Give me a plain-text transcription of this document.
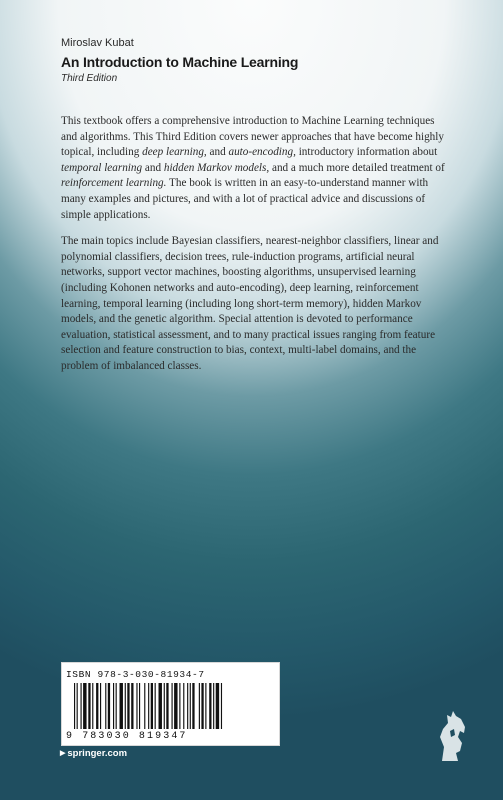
Miroslav Kubat

An Introduction to Machine Learning

Third Edition

This textbook offers a comprehensive introduction to Machine Learning techniques and algorithms. This Third Edition covers newer approaches that have become highly topical, including deep learning, and auto-encoding, introductory information about temporal learning and hidden Markov models, and a much more detailed treatment of reinforcement learning. The book is written in an easy-to-understand manner with many examples and pictures, and with a lot of practical advice and discussions of simple applications.

The main topics include Bayesian classifiers, nearest-neighbor classifiers, linear and polynomial classifiers, decision trees, rule-induction programs, artificial neural networks, support vector machines, boosting algorithms, unsupervised learning (including Kohonen networks and auto-encoding), deep learning, reinforcement learning, temporal learning (including long short-term memory), hidden Markov models, and the genetic algorithm. Special attention is devoted to performance evaluation, statistical assessment, and to many practical issues ranging from feature selection and feature construction to bias, context, multi-label domains, and the problem of imbalanced classes.

ISBN 978-3-030-81934-7
9 783030 819347
▶ springer.com
